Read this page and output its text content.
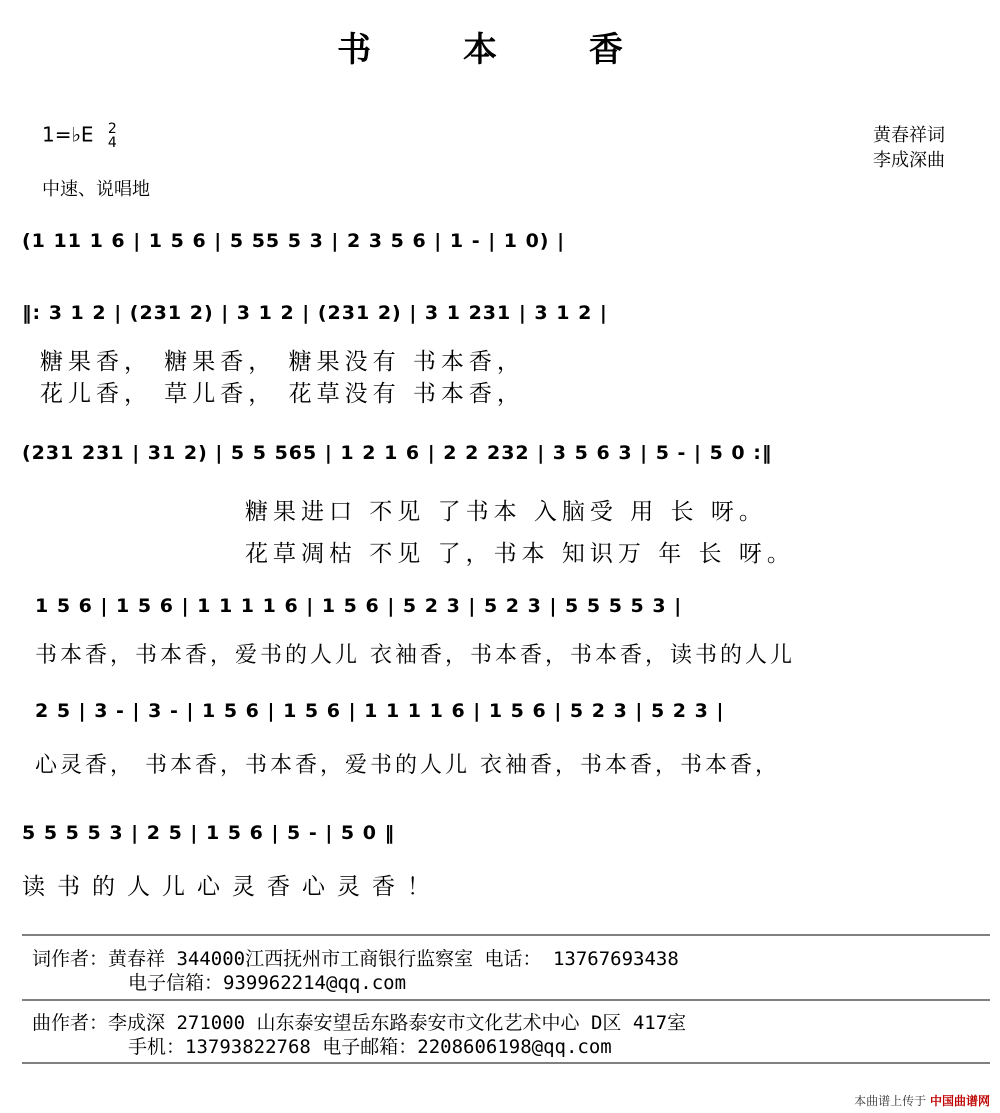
书 本 香
1=♭E 2
4
中速、说唱地
黄春祥词
李成深曲
(1 11 1 6 | 1 5 6 | 5 55 5 3 | 2 3 5 6 | 1 - | 1 0) |
‖: 3 1 2 | (231 2) | 3 1 2 | (231 2) | 3 1 231 | 3 1 2 |
糖果香， 糖果香， 糖果没有 书本香，
花儿香， 草儿香， 花草没有 书本香，
(231 231 | 31 2) | 5 5 565 | 1 2 1 6 | 2 2 232 | 3 5 6 3 | 5 - | 5 0 :‖
糖果进口 不见 了书本 入脑受 用 长 呀。
花草凋枯 不见 了，书本 知识万 年 长 呀。
1 5 6 | 1 5 6 | 1 1 1 1 6 | 1 5 6 | 5 2 3 | 5 2 3 | 5 5 5 5 3 |
书本香，书本香，爱书的人儿 衣袖香，书本香，书本香，读书的人儿
2 5 | 3 - | 3 - | 1 5 6 | 1 5 6 | 1 1 1 1 6 | 1 5 6 | 5 2 3 | 5 2 3 |
心灵香， 书本香，书本香，爱书的人儿 衣袖香，书本香，书本香，
5 5 5 5 3 | 2 5 | 1 5 6 | 5 - | 5 0 ‖
读书的人儿心灵香心灵香！
词作者：黄春祥 344000江西抚州市工商银行监察室 电话： 13767693438
电子信箱：939962214@qq.com
曲作者：李成深 271000 山东泰安望岳东路泰安市文化艺术中心 D区 417室
手机：13793822768 电子邮箱：2208606198@qq.com
本曲谱上传于 中国曲谱网
